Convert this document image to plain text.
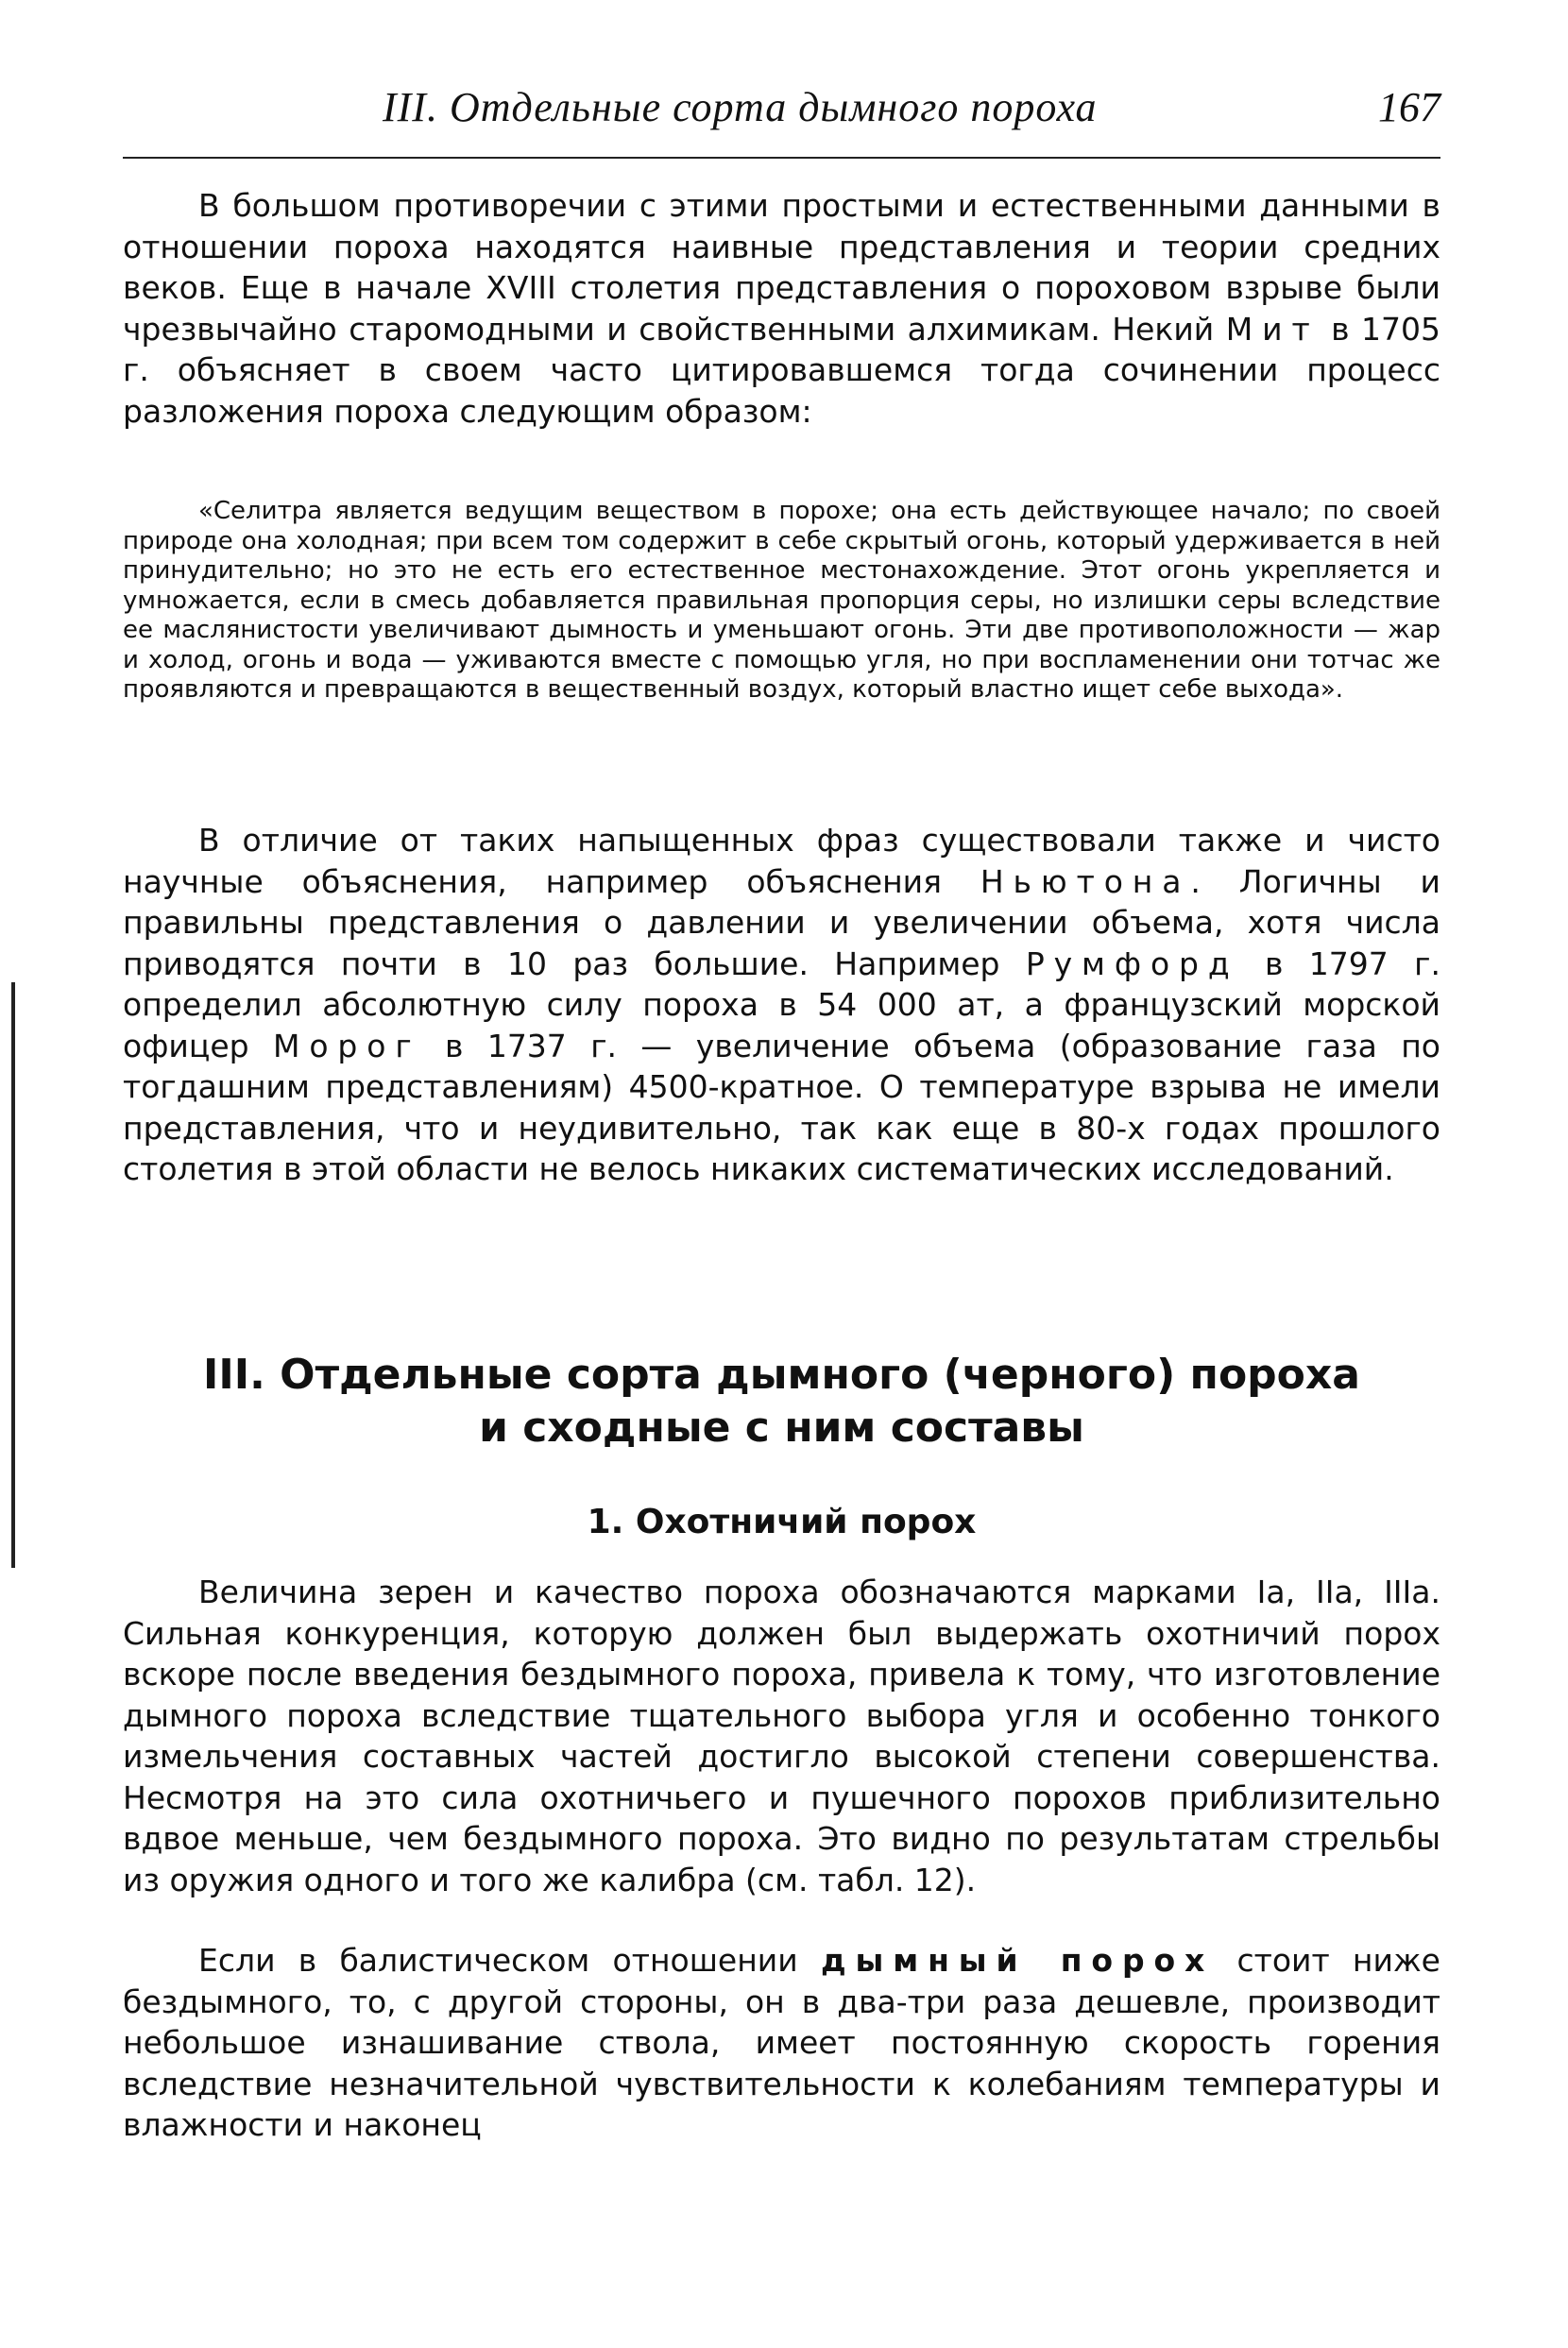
III. Отдельные сорта дымного пороха	167

В большом противоречии с этими простыми и естественными данными в отношении пороха находятся наивные представления и теории средних веков. Еще в начале XVIII столетия представления о пороховом взрыве были чрезвычайно старомодными и свойственными алхимикам. Некий Мит в 1705 г. объясняет в своем часто цитировавшемся тогда сочинении процесс разложения пороха следующим образом:

«Селитра является ведущим веществом в порохе; она есть действующее начало; по своей природе она холодная; при всем том содержит в себе скрытый огонь, который удерживается в ней принудительно; но это не есть его естественное местонахождение. Этот огонь укрепляется и умножается, если в смесь добавляется правильная пропорция серы, но излишки серы вследствие ее маслянистости увеличивают дымность и уменьшают огонь. Эти две противоположности — жар и холод, огонь и вода — уживаются вместе с помощью угля, но при воспламенении они тотчас же проявляются и превращаются в вещественный воздух, который властно ищет себе выхода».

В отличие от таких напыщенных фраз существовали также и чисто научные объяснения, например объяснения Ньютона. Логичны и правильны представления о давлении и увеличении объема, хотя числа приводятся почти в 10 раз большие. Например Румфорд в 1797 г. определил абсолютную силу пороха в 54 000 ат, а французский морской офицер Морог в 1737 г. — увеличение объема (образование газа по тогдашним представлениям) 4500-кратное. О температуре взрыва не имели представления, что и неудивительно, так как еще в 80-х годах прошлого столетия в этой области не велось никаких систематических исследований.

III. Отдельные сорта дымного (черного) пороха

и сходные с ним составы

1. Охотничий порох

Величина зерен и качество пороха обозначаются марками Ia, IIa, IIIa. Сильная конкуренция, которую должен был выдержать охотничий порох вскоре после введения бездымного пороха, привела к тому, что изготовление дымного пороха вследствие тщательного выбора угля и особенно тонкого измельчения составных частей достигло высокой степени совершенства. Несмотря на это сила охотничьего и пушечного порохов приблизительно вдвое меньше, чем бездымного пороха. Это видно по результатам стрельбы из оружия одного и того же калибра (см. табл. 12).

Если в балистическом отношении дымный порох стоит ниже бездымного, то, с другой стороны, он в два-три раза дешевле, производит небольшое изнашивание ствола, имеет постоянную скорость горения вследствие незначительной чувствительности к колебаниям температуры и влажности и наконец
